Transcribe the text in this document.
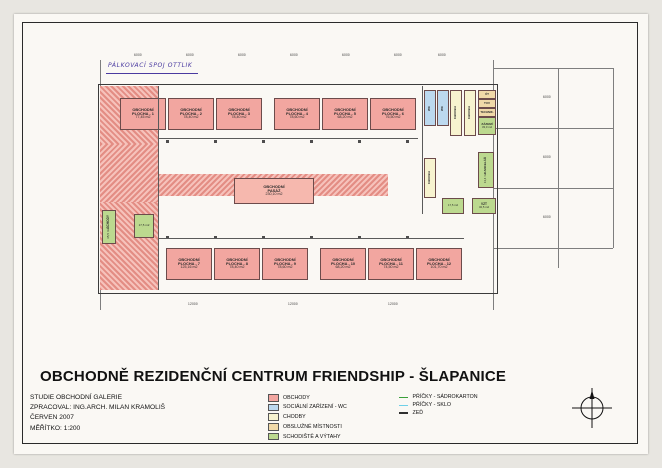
6000	6000	6000	6000	6000	6000	6000
6000
6000
6000
12000	12000	12000
PÁLKOVACÍ SPOJ OTTLIK
OBCHODNÍ
PLOCHA - 1
77,45 m2
OBCHODNÍ
PLOCHA - 2
78,40 m2
OBCHODNÍ
PLOCHA - 3
78,40 m2
OBCHODNÍ
PLOCHA - 4
78,60 m2
OBCHODNÍ
PLOCHA - 5
68,20 m2
OBCHODNÍ
PLOCHA - 6
76,50 m2
OBCHODNÍ
PASÁŽ
230,10 m2
OBCHODNÍ
PLOCHA - 7
125,16 m2
OBCHODNÍ
PLOCHA - 8
78,40 m2
OBCHODNÍ
PLOCHA - 9
78,60 m2
OBCHODNÍ
PLOCHA - 10
68,20 m2
OBCHODNÍ
PLOCHA - 11
74,50 m2
OBCHODNÍ
PLOCHA - 12
101,70 m2
SCHODY
35,5 m2
17,5 m2
WC	WC	CHODBA	CHODBA
ÚT
TUV
TECHNIK.
ZÁZEMÍ
33,0 m2
CHODBA
KANCELÁŘ
13,4 m2
VZT
32,5 m2
17,5 m2
OBCHODNĚ REZIDENČNÍ CENTRUM FRIENDSHIP - ŠLAPANICE
STUDIE OBCHODNÍ GALERIE
ZPRACOVAL: ING.ARCH. MILAN KRAMOLIŠ
ČERVEN 2007
MĚŘÍTKO: 1:200
OBCHODY
SOCIÁLNÍ ZAŘÍZENÍ - WC
CHODBY
OBSLUŽNÉ MÍSTNOSTI
SCHODIŠTĚ A VÝTAHY

PŘÍČKY - SÁDROKARTON
PŘÍČKY - SKLO
ZEĎ
